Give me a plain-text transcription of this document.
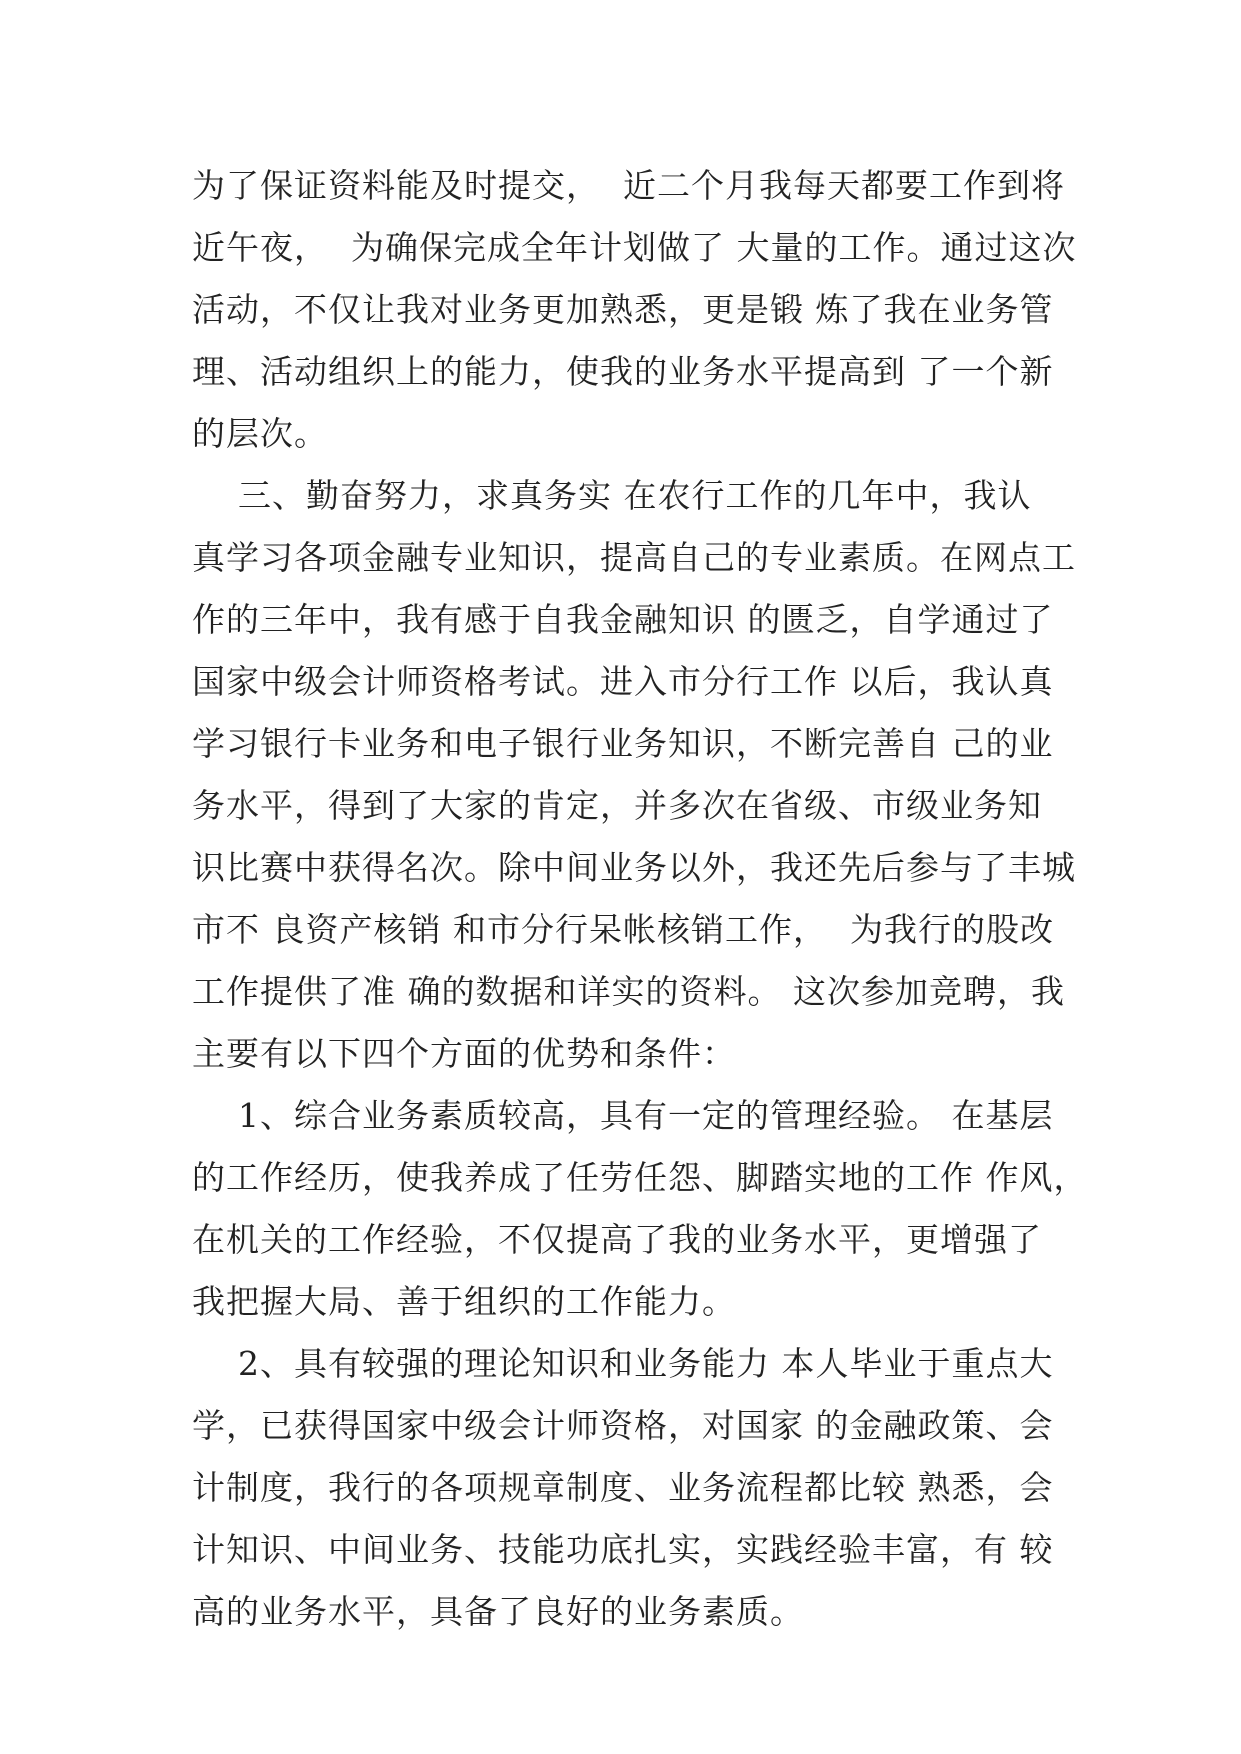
为了保证资料能及时提交，  近二个月我每天都要工作到将
近午夜，  为确保完成全年计划做了 大量的工作。通过这次
活动，不仅让我对业务更加熟悉，更是锻 炼了我在业务管
理、活动组织上的能力，使我的业务水平提高到 了一个新
的层次。
三、勤奋努力，求真务实 在农行工作的几年中，我认
真学习各项金融专业知识，提高自己的专业素质。在网点工
作的三年中，我有感于自我金融知识 的匮乏，自学通过了
国家中级会计师资格考试。进入市分行工作 以后，我认真
学习银行卡业务和电子银行业务知识，不断完善自 己的业
务水平，得到了大家的肯定，并多次在省级、市级业务知
识比赛中获得名次。除中间业务以外，我还先后参与了丰城
市不 良资产核销 和市分行呆帐核销工作，  为我行的股改
工作提供了准 确的数据和详实的资料。 这次参加竞聘，我
主要有以下四个方面的优势和条件：
1、综合业务素质较高，具有一定的管理经验。 在基层
的工作经历，使我养成了任劳任怨、脚踏实地的工作 作风，
在机关的工作经验，不仅提高了我的业务水平，更增强了
我把握大局、善于组织的工作能力。
2、具有较强的理论知识和业务能力 本人毕业于重点大
学，已获得国家中级会计师资格，对国家 的金融政策、会
计制度，我行的各项规章制度、业务流程都比较 熟悉，会
计知识、中间业务、技能功底扎实，实践经验丰富，有 较
高的业务水平，具备了良好的业务素质。
